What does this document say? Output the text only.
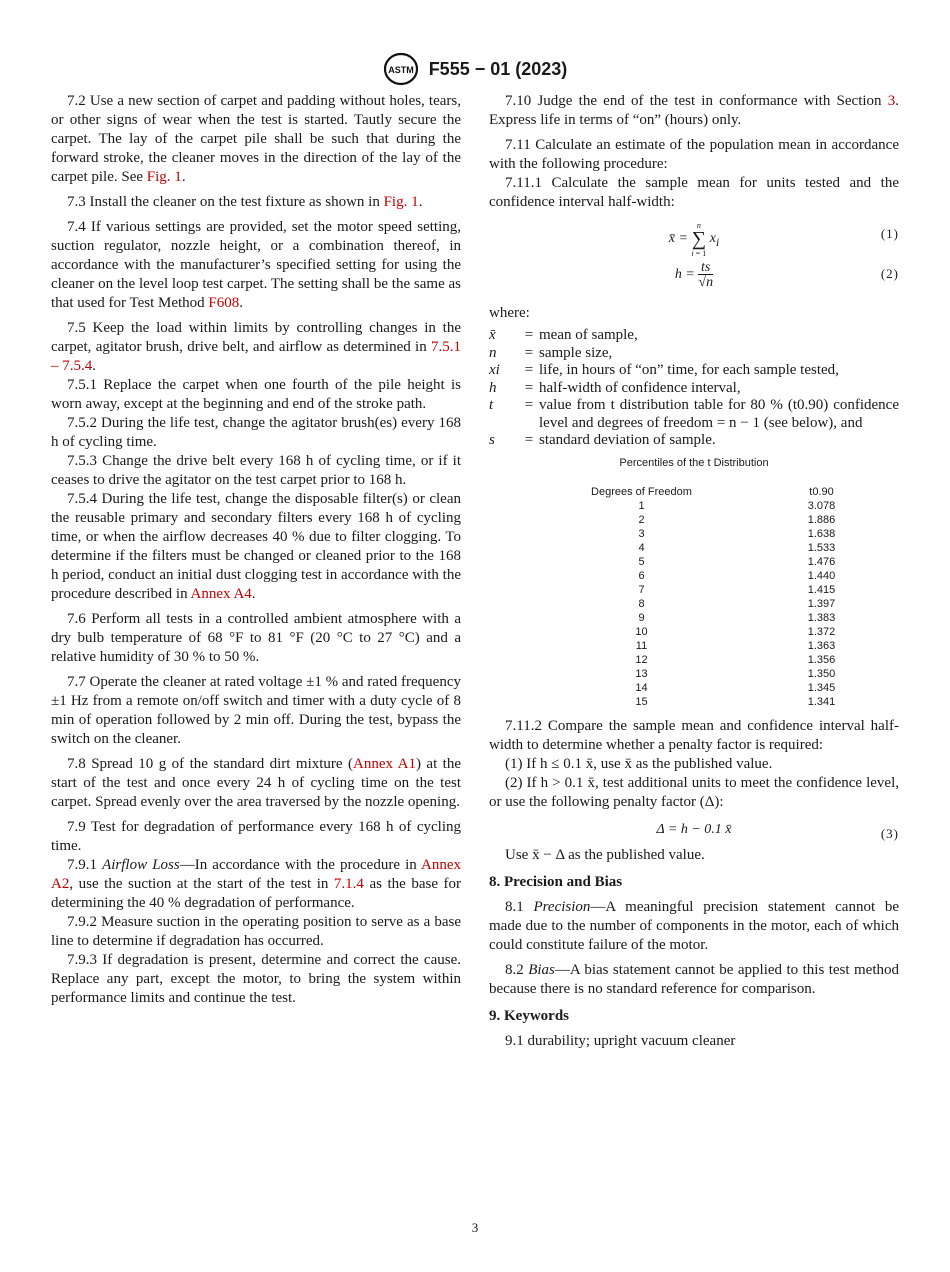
ASTM F555 − 01 (2023)

7.2 Use a new section of carpet and padding without holes, tears, or other signs of wear when the test is started. Tautly secure the carpet. The lay of the carpet pile shall be such that during the forward stroke, the cleaner moves in the direction of the lay of the carpet pile. See Fig. 1.

7.3 Install the cleaner on the test fixture as shown in Fig. 1.

7.4 If various settings are provided, set the motor speed setting, suction regulator, nozzle height, or a combination thereof, in accordance with the manufacturer’s specified setting for using the cleaner on the level loop test carpet. The setting shall be the same as that used for Test Method F608.

7.5 Keep the load within limits by controlling changes in the carpet, agitator brush, drive belt, and airflow as determined in 7.5.1 – 7.5.4.

7.5.1 Replace the carpet when one fourth of the pile height is worn away, except at the beginning and end of the stroke path.

7.5.2 During the life test, change the agitator brush(es) every 168 h of cycling time.

7.5.3 Change the drive belt every 168 h of cycling time, or if it ceases to drive the agitator on the test carpet prior to 168 h.

7.5.4 During the life test, change the disposable filter(s) or clean the reusable primary and secondary filters every 168 h of cycling time, or when the airflow decreases 40 % due to filter clogging. To determine if the filters must be changed or cleaned prior to the 168 h period, conduct an initial dust clogging test in accordance with the procedure described in Annex A4.

7.6 Perform all tests in a controlled ambient atmosphere with a dry bulb temperature of 68 °F to 81 °F (20 °C to 27 °C) and a relative humidity of 30 % to 50 %.

7.7 Operate the cleaner at rated voltage ±1 % and rated frequency ±1 Hz from a remote on/off switch and timer with a duty cycle of 8 min of operation followed by 2 min off. During the test, bypass the switch on the cleaner.

7.8 Spread 10 g of the standard dirt mixture (Annex A1) at the start of the test and once every 24 h of cycling time on the test carpet. Spread evenly over the area traversed by the nozzle opening.

7.9 Test for degradation of performance every 168 h of cycling time.

7.9.1 Airflow Loss—In accordance with the procedure in Annex A2, use the suction at the start of the test in 7.1.4 as the base for determining the 40 % degradation of performance.

7.9.2 Measure suction in the operating position to serve as a base line to determine if degradation has occurred.

7.9.3 If degradation is present, determine and correct the cause. Replace any part, except the motor, to bring the system within performance limits and continue the test.

7.10 Judge the end of the test in conformance with Section 3. Express life in terms of “on” (hours) only.

7.11 Calculate an estimate of the population mean in accordance with the following procedure:

7.11.1 Calculate the sample mean for units tested and the confidence interval half-width:

x̄ = n
∑
i = 1 $x_i$
(1)
$h = \frac{ts}{√n}$	(2)
where:
x̄	=	mean of sample,
n	=	sample size,
xi	=	life, in hours of “on” time, for each sample tested,
h	=	half-width of confidence interval,
t	=	value from t distribution table for 80 % (t0.90) confidence level and degrees of freedom = n − 1 (see below), and
s	=	standard deviation of sample.
Percentiles of the t Distribution
Degrees of Freedom	t0.90
1	3.078
2	1.886
3	1.638
4	1.533
5	1.476
6	1.440
7	1.415
8	1.397
9	1.383
10	1.372
11	1.363
12	1.356
13	1.350
14	1.345
15	1.341

7.11.2 Compare the sample mean and confidence interval half-width to determine whether a penalty factor is required:

(1) If h ≤ 0.1 x̄, use x̄ as the published value.

(2) If h > 0.1 x̄, test additional units to meet the confidence level, or use the following penalty factor (Δ):

Δ = h − 0.1 x̄	(3)

Use x̄ − Δ as the published value.

8. Precision and Bias

8.1 Precision—A meaningful precision statement cannot be made due to the number of components in the motor, each of which could constitute failure of the motor.

8.2 Bias—A bias statement cannot be applied to this test method because there is no standard reference for comparison.

9. Keywords

9.1 durability; upright vacuum cleaner

3
